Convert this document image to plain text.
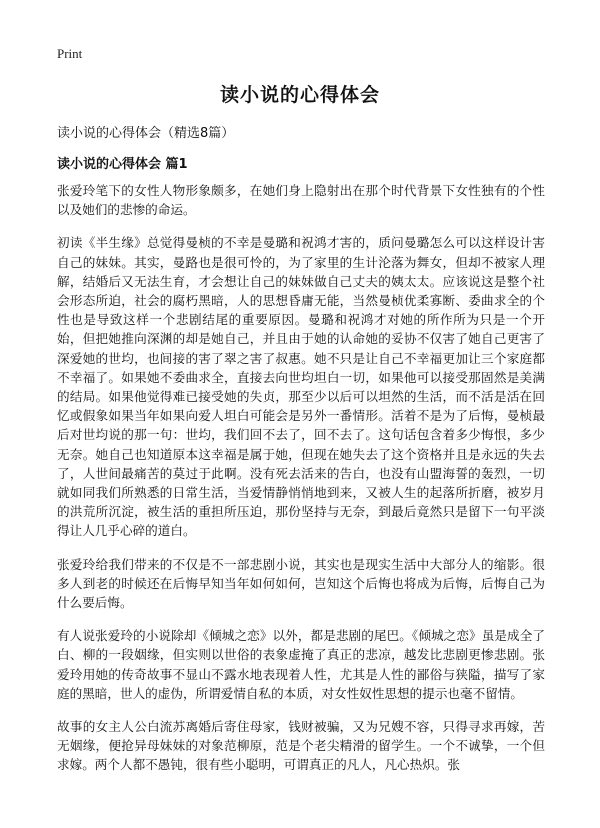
Print
读小说的心得体会

读小说的心得体会（精选8篇）

读小说的心得体会 篇1

张爱玲笔下的女性人物形象颇多，在她们身上隐射出在那个时代背景下女性独有的个性以及她们的悲惨的命运。

初读《半生缘》总觉得曼桢的不幸是曼璐和祝鸿才害的，质问曼璐怎么可以这样设计害自己的妹妹。其实，曼路也是很可怜的，为了家里的生计沦落为舞女，但却不被家人理解，结婚后又无法生育，才会想让自己的妹妹做自己丈夫的姨太太。应该说这是整个社会形态所迫，社会的腐朽黑暗，人的思想昏庸无能，当然曼桢优柔寡断、委曲求全的个性也是导致这样一个悲剧结尾的重要原因。曼璐和祝鸿才对她的所作所为只是一个开始，但把她推向深渊的却是她自己，并且由于她的认命她的妥协不仅害了她自己更害了深爱她的世均，也间接的害了翠之害了叔惠。她不只是让自己不幸福更加让三个家庭都不幸福了。如果她不委曲求全，直接去向世均坦白一切，如果他可以接受那固然是美满的结局。如果他觉得难已接受她的失贞，那至少以后可以坦然的生活，而不活是活在回忆或假象如果当年如果向爱人坦白可能会是另外一番情形。活着不是为了后悔，曼桢最后对世均说的那一句：世均，我们回不去了，回不去了。这句话包含着多少悔恨，多少无奈。她自己也知道原本这幸福是属于她，但现在她失去了这个资格并且是永远的失去了，人世间最痛苦的莫过于此啊。没有死去活来的告白，也没有山盟海誓的轰烈，一切就如同我们所熟悉的日常生活，当爱情静悄悄地到来，又被人生的起落所折磨，被岁月的洪荒所沉淀，被生活的重担所压迫，那份坚持与无奈，到最后竟然只是留下一句平淡得让人几乎心碎的道白。

张爱玲给我们带来的不仅是不一部悲剧小说，其实也是现实生活中大部分人的缩影。很多人到老的时候还在后悔早知当年如何如何，岂知这个后悔也将成为后悔，后悔自己为什么要后悔。

有人说张爱玲的小说除却《倾城之恋》以外，都是悲剧的尾巴。《倾城之恋》虽是成全了白、柳的一段姻缘，但实则以世俗的表象虚掩了真正的悲凉，越发比悲剧更惨悲剧。张爱玲用她的传奇故事不显山不露水地表现着人性，尤其是人性的鄙俗与狭隘，描写了家庭的黑暗，世人的虚伪，所谓爱情自私的本质，对女性奴性思想的提示也毫不留情。

故事的女主人公白流苏离婚后寄住母家，钱财被骗，又为兄嫂不容，只得寻求再嫁，苦无姻缘，便抢异母妹妹的对象范柳原，范是个老尖精滑的留学生。一个不诚挚，一个但求嫁。两个人都不愚钝，很有些小聪明，可谓真正的凡人，凡心热炽。张
